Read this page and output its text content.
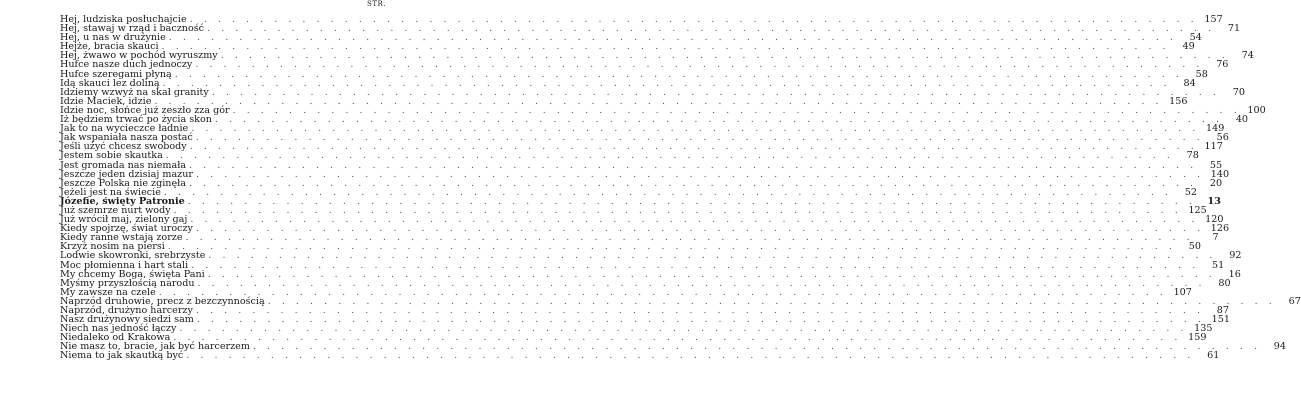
STR.
Hej, ludziska posłuchajcie . . .	157
Hej, stawaj w rząd i baczność . . .	71
Hej, u nas w drużynie . . .	54
Hejże, bracia skauci . . .	49
Hej, żwawo w pochód wyruszmy . . .	74
Hufce nasze duch jednoczy . . .	76
Hufce szeregami płyną . . .	58
Idą skauci lez doliną . . .	84
Idziemy wzwyż na skał granity . . .	70
Idzie Maciek, idzie . . .	156
Idzie noc, słońce już zeszło zza gór . . .	100
Iż będziem trwać po życia skon . . .	40
Jak to na wycieczce ładnie . . .	149
Jak wspaniała nasza postać . . .	56
Jeśli użyć chcesz swobody . . .	117
Jestem sobie skautka . . .	78
Jest gromada nas niemała . . .	55
Jeszcze jeden dzisiaj mazur . . .	140
Jeszcze Polska nie zginęła . . .	20
Jeżeli jest na świecie . . .	52
Józefie, święty Patronie . . .	13
Już szemrze nurt wody . . .	125
Już wrócił maj, zielony gaj . . .	120
Kiedy spojrzę, świat uroczy . . .	126
Kiedy ranne wstają zorze . . .	7
Krzyż nosim na piersi . . .	50
Lodwie skowronki, srebrzyste . . .	92
Moc płomienna i hart stali . . .	51
My chcemy Boga, święta Pani . . .	16
Myśmy przyszłością narodu . . .	80
My zawsze na czele . . .	107
Naprzód druhowie, precz z bezczynnością . . .	67
Naprzód, drużyno harcerzy . . .	87
Nasz drużynowy siedzi sam . . .	151
Niech nas jedność łączy . . .	135
Niedaleko od Krakowa . . .	159
Nie masz to, bracie, jak być harcerzem . . .	94
Niema to jak skautką być . . .	61
